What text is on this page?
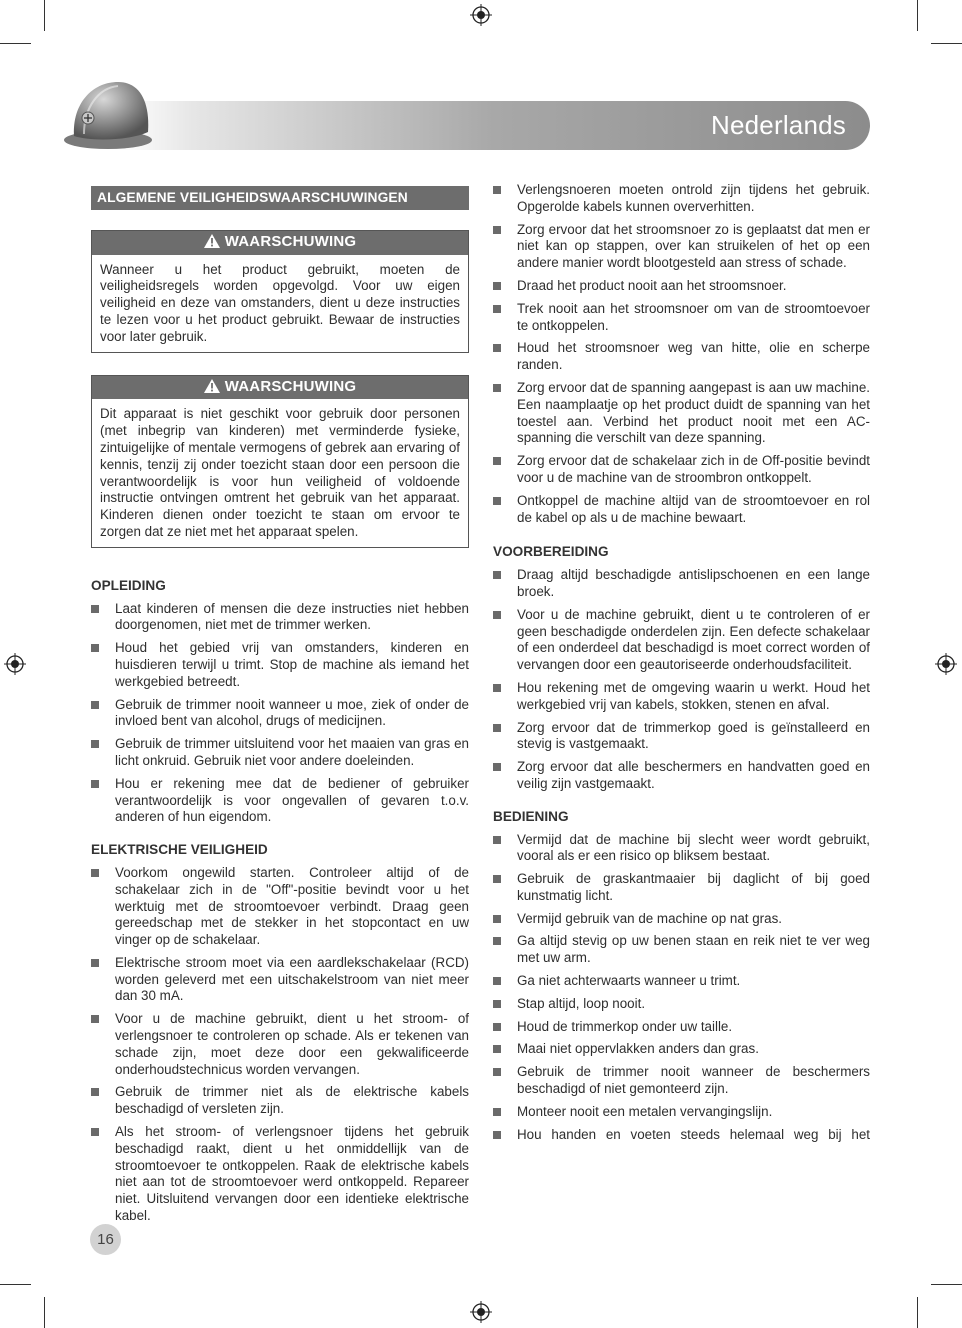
Nederlands
ALGEMENE VEILIGHEIDSWAARSCHUWINGEN
WAARSCHUWING
Wanneer u het product gebruikt, moeten de veiligheidsregels worden opgevolgd. Voor uw eigen veiligheid en deze van omstanders, dient u deze instructies te lezen voor u het product gebruikt. Bewaar de instructies voor later gebruik.
WAARSCHUWING
Dit apparaat is niet geschikt voor gebruik door personen (met inbegrip van kinderen) met verminderde fysieke, zintuigelijke of mentale vermogens of gebrek aan ervaring of kennis, tenzij zij onder toezicht staan door een persoon die verantwoordelijk is voor hun veiligheid of voldoende instructie ontvingen omtrent het gebruik van het apparaat. Kinderen dienen onder toezicht te staan om ervoor te zorgen dat ze niet met het apparaat spelen.
OPLEIDING
Laat kinderen of mensen die deze instructies niet hebben doorgenomen, niet met de trimmer werken.
Houd het gebied vrij van omstanders, kinderen en huisdieren terwijl u trimt. Stop de machine als iemand het werkgebied betreedt.
Gebruik de trimmer nooit wanneer u moe, ziek of onder de invloed bent van alcohol, drugs of medicijnen.
Gebruik de trimmer uitsluitend voor het maaien van gras en licht onkruid. Gebruik niet voor andere doeleinden.
Hou er rekening mee dat de bediener of gebruiker verantwoordelijk is voor ongevallen of gevaren t.o.v. anderen of hun eigendom.
ELEKTRISCHE VEILIGHEID
Voorkom ongewild starten. Controleer altijd of de schakelaar zich in de "Off"-positie bevindt voor u het werktuig met de stroomtoevoer verbindt. Draag geen gereedschap met de stekker in het stopcontact en uw vinger op de schakelaar.
Elektrische stroom moet via een aardlekschakelaar (RCD) worden geleverd met een uitschakelstroom van niet meer dan 30 mA.
Voor u de machine gebruikt, dient u het stroom- of verlengsnoer te controleren op schade. Als er tekenen van schade zijn, moet deze door een gekwalificeerde onderhoudstechnicus worden vervangen.
Gebruik de trimmer niet als de elektrische kabels beschadigd of versleten zijn.
Als het stroom- of verlengsnoer tijdens het gebruik beschadigd raakt, dient u het onmiddellijk van de stroomtoevoer te ontkoppelen. Raak de elektrische kabels niet aan tot de stroomtoevoer werd ontkoppeld. Repareer niet. Uitsluitend vervangen door een identieke elektrische kabel.
Verlengsnoeren moeten ontrold zijn tijdens het gebruik. Opgerolde kabels kunnen oververhitten.
Zorg ervoor dat het stroomsnoer zo is geplaatst dat men er niet kan op stappen, over kan struikelen of het op een andere manier wordt blootgesteld aan stress of schade.
Draad het product nooit aan het stroomsnoer.
Trek nooit aan het stroomsnoer om van de stroomtoevoer te ontkoppelen.
Houd het stroomsnoer weg van hitte, olie en scherpe randen.
Zorg ervoor dat de spanning aangepast is aan uw machine. Een naamplaatje op het product duidt de spanning van het toestel aan. Verbind het product nooit met een AC-spanning die verschilt van deze spanning.
Zorg ervoor dat de schakelaar zich in de Off-positie bevindt voor u de machine van de stroombron ontkoppelt.
Ontkoppel de machine altijd van de stroomtoevoer en rol de kabel op als u de machine bewaart.
VOORBEREIDING
Draag altijd beschadigde antislipschoenen en een lange broek.
Voor u de machine gebruikt, dient u te controleren of er geen beschadigde onderdelen zijn. Een defecte schakelaar of een onderdeel dat beschadigd is moet correct worden of vervangen door een geautoriseerde onderhoudsfaciliteit.
Hou rekening met de omgeving waarin u werkt. Houd het werkgebied vrij van kabels, stokken, stenen en afval.
Zorg ervoor dat de trimmerkop goed is geïnstalleerd en stevig is vastgemaakt.
Zorg ervoor dat alle beschermers en handvatten goed en veilig zijn vastgemaakt.
BEDIENING
Vermijd dat de machine bij slecht weer wordt gebruikt, vooral als er een risico op bliksem bestaat.
Gebruik de graskantmaaier bij daglicht of bij goed kunstmatig licht.
Vermijd gebruik van de machine op nat gras.
Ga altijd stevig op uw benen staan en reik niet te ver weg met uw arm.
Ga niet achterwaarts wanneer u trimt.
Stap altijd, loop nooit.
Houd de trimmerkop onder uw taille.
Maai niet oppervlakken anders dan gras.
Gebruik de trimmer nooit wanneer de beschermers beschadigd of niet gemonteerd zijn.
Monteer nooit een metalen vervangingslijn.
Hou handen en voeten steeds helemaal weg bij het
16
